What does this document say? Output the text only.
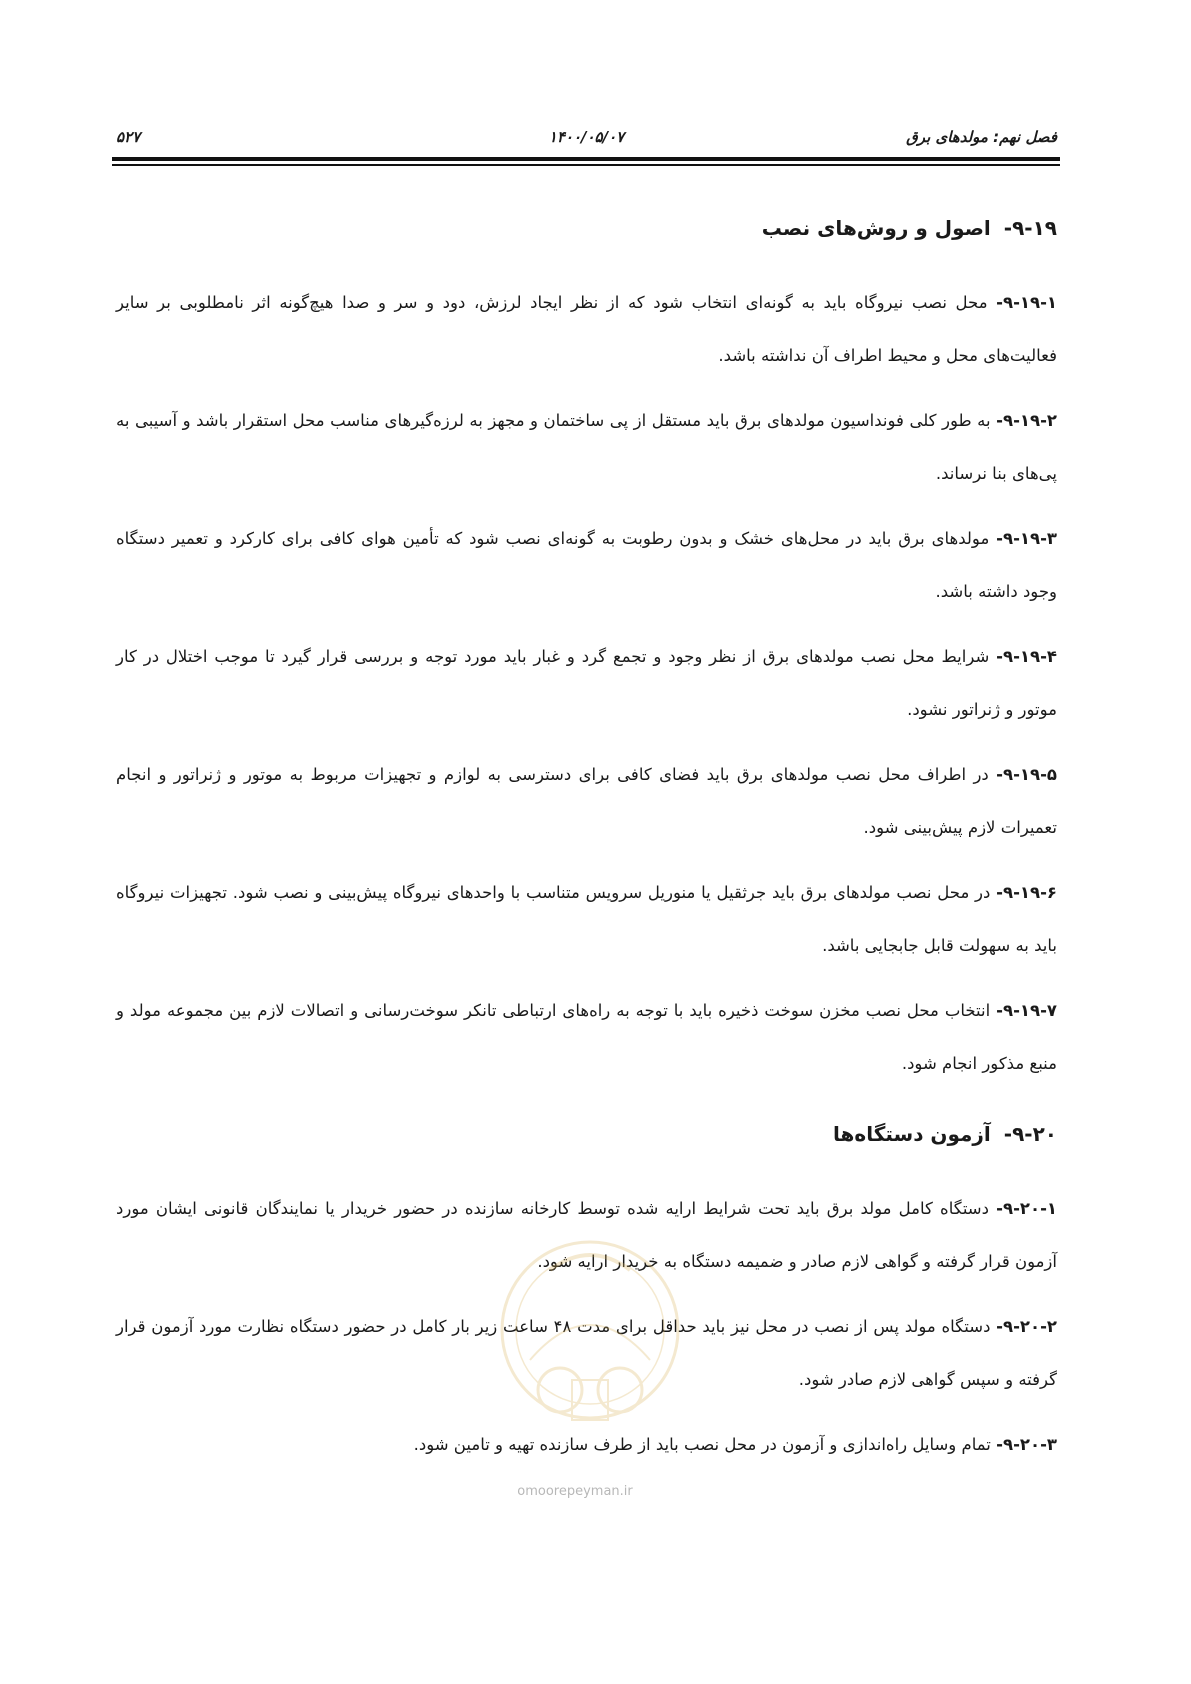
فصل نهم: مولدهای برق
۱۴۰۰/۰۵/۰۷
۵۲۷
۹-۱۹- اصول و روش‌های نصب

۹-۱۹-۱- محل نصب نیروگاه باید به گونه‌ای انتخاب شود که از نظر ایجاد لرزش، دود و سر و صدا هیچ‌گونه اثر نامطلوبی بر سایر فعالیت‌های محل و محیط اطراف آن نداشته باشد.

۹-۱۹-۲- به طور کلی فونداسیون مولدهای برق باید مستقل از پی ساختمان و مجهز به لرزه‌گیرهای مناسب محل استقرار باشد و آسیبی به پی‌های بنا نرساند.

۹-۱۹-۳- مولدهای برق باید در محل‌های خشک و بدون رطوبت به گونه‌ای نصب شود که تأمین هوای کافی برای کارکرد و تعمیر دستگاه وجود داشته باشد.

۹-۱۹-۴- شرایط محل نصب مولدهای برق از نظر وجود و تجمع گرد و غبار باید مورد توجه و بررسی قرار گیرد تا موجب اختلال در کار موتور و ژنراتور نشود.

۹-۱۹-۵- در اطراف محل نصب مولدهای برق باید فضای کافی برای دسترسی به لوازم و تجهیزات مربوط به موتور و ژنراتور و انجام تعمیرات لازم پیش‌بینی شود.

۹-۱۹-۶- در محل نصب مولدهای برق باید جرثقیل یا منوریل سرویس متناسب با واحدهای نیروگاه پیش‌بینی و نصب شود. تجهیزات نیروگاه باید به سهولت قابل جابجایی باشد.

۹-۱۹-۷- انتخاب محل نصب مخزن سوخت ذخیره باید با توجه به راه‌های ارتباطی تانکر سوخت‌رسانی و اتصالات لازم بین مجموعه مولد و منبع مذکور انجام شود.

۹-۲۰- آزمون دستگاه‌ها

۹-۲۰-۱- دستگاه کامل مولد برق باید تحت شرایط ارایه شده توسط کارخانه سازنده در حضور خریدار یا نمایندگان قانونی ایشان مورد آزمون قرار گرفته و گواهی لازم صادر و ضمیمه دستگاه به خریدار ارایه شود.

۹-۲۰-۲- دستگاه مولد پس از نصب در محل نیز باید حداقل برای مدت ۴۸ ساعت زیر بار کامل در حضور دستگاه نظارت مورد آزمون قرار گرفته و سپس گواهی لازم صادر شود.

۹-۲۰-۳- تمام وسایل راه‌اندازی و آزمون در محل نصب باید از طرف سازنده تهیه و تامین شود.

omoorepeyman.ir
